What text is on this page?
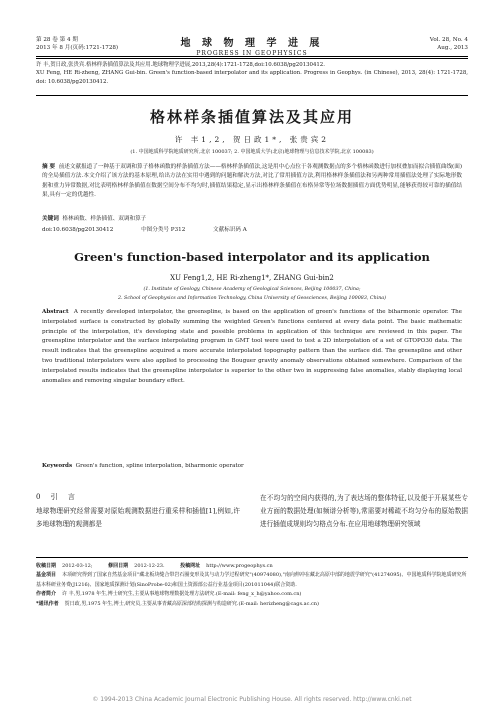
第 28 卷 第 4 期
2013 年 8 月(页码:1721-1728)	地 球 物 理 学 进 展
PROGRESS IN GEOPHYSICS
Vol. 28, No. 4
Aug., 2013
许 丰,贺日政,张贵宾.格林样条插值算法及其应用.地球物理学进展,2013,28(4):1721-1728,doi:10.6038/pg20130412.
XU Feng, HE Ri-zheng, ZHANG Gui-bin. Green's function-based interpolator and its application. Progress in Geophys. (in Chinese), 2013, 28(4): 1721-1728, doi: 10.6038/pg20130412.
格林样条插值算法及其应用
许 丰1,2, 贺日政1*, 张贵宾2
(1. 中国地质科学院地质研究所,北京 100037; 2. 中国地质大学(北京)地球物理与信息技术学院,北京 100083)
摘 要 前述文献报道了一种基于双调和算子格林函数的样条插值方法——格林样条插值法,这是用中心点位于各观测数据点的多个格林函数进行加权叠加而拟合插值曲线(面)的全局插值方法.本文介绍了该方法的基本原理,给出方法在实用中遇到的问题和解决方法,对比了常用插值方法,利用格林样条插值法和另两种常用插值法处理了实际地形数据和重力异常数据,对比表明格林样条插值在数据空间分布不均匀时,插值结果稳定,显示出格林样条插值在布格异常等位场数据插值方面优势明显,能够获得较可靠的插值结果,具有一定的优越性.
关键词 格林函数、样条插值、双调和算子
doi:10.6038/pg20130412	中图分类号 P312	文献标识码 A
Green's function-based interpolator and its application
XU Feng1,2, HE Ri-zheng1*, ZHANG Gui-bin2
(1. Institute of Geology, Chinese Academy of Geological Sciences, Beijing 100037, China;
2. School of Geophysics and Information Technology, China University of Geosciences, Beijing 100083, China)
Abstract A recently developed interpolator, the greenspline, is based on the application of green's functions of the biharmonic operator. The interpolated surface is constructed by globally summing the weighted Green's functions centered at every data point. The basic mathematic principle of the interpolation, it's developing state and possible problems in application of this technique are reviewed in this paper. The greenspline interpolator and the surface interpolating program in GMT tool were used to test a 2D interpolation of a set of GTOPO30 data. The result indicates that the greenspline acquired a more accurate interpolated topography pattern than the surface did. The greenspline and other two traditional interpolators were also applied to processing the Bouguer gravity anomaly observations obtained somewhere. Comparison of the interpolated results indicates that the greenspline interpolator is superior to the other two in suppressing false anomalies, stably displaying local anomalies and removing singular boundary effect.
Keywords Green's function, spline interpolation, biharmonic operator
0 引 言
地球物理研究经常需要对原始观测数据进行重采样和插值[1],例如,许多地球物理的观测都是
在不均匀的空间内获得的,为了表达场的整体特征,以及便于开展某些专业方面的数据处理(如频谱分析等),常需要对稀疏不均匀分布的原始数据进行插值成规则均匀格点分布.在应用地球物理研究领域
收稿日期 2012-03-12;	修回日期 2012-12-23.	投稿网址 http://www.progeophys.cn
基金项目 本项研究得到了国家自然基金项目"藏北板块缝合带岩石圈变形及其与动力学过程研究"(40974080),"南向伸冲在藏北高原中部的地震学研究"(41274095)、中国地质科学院地质研究所基本科研业务费(J1216)、国家地质探测计划(SinoProbe-02)和国土资源部公益行业基金项目(201011044)联合资助.
作者简介 许 丰,男,1978 年生,博士研究生,主要从事地球物理数据处理方法研究.(E-mail: feng_x_h@yahoo.com.cn)
*通讯作者 贺日政,男,1975 年生,博士,研究员,主要从事青藏高原深部结构探测与构造研究.(E-mail: herizheng@cags.ac.cn)
© 1994-2013 China Academic Journal Electronic Publishing House. All rights reserved. http://www.cnki.net
